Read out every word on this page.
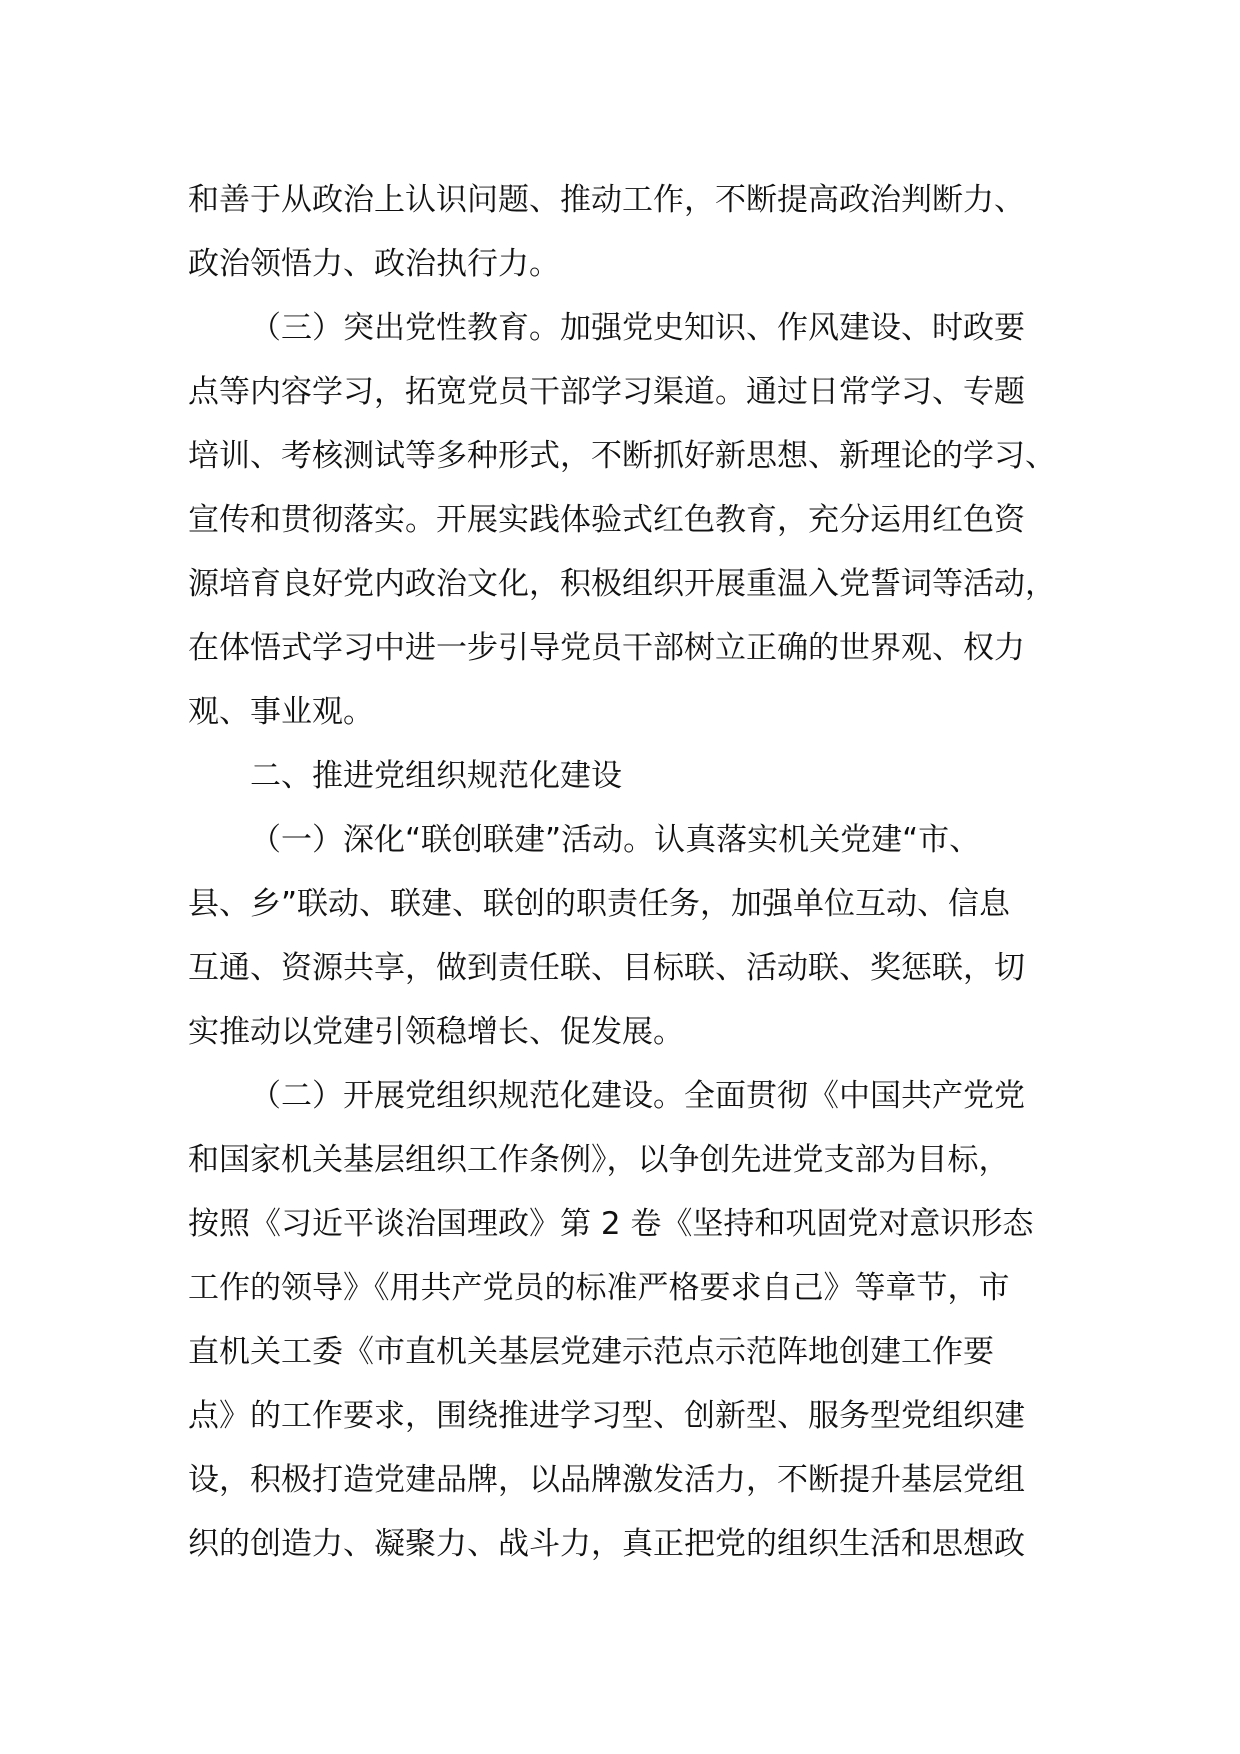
和善于从政治上认识问题、推动工作，不断提高政治判断力、
政治领悟力、政治执行力。
（三）突出党性教育。加强党史知识、作风建设、时政要
点等内容学习，拓宽党员干部学习渠道。通过日常学习、专题
培训、考核测试等多种形式，不断抓好新思想、新理论的学习、
宣传和贯彻落实。开展实践体验式红色教育，充分运用红色资
源培育良好党内政治文化，积极组织开展重温入党誓词等活动，
在体悟式学习中进一步引导党员干部树立正确的世界观、权力
观、事业观。
二、推进党组织规范化建设
（一）深化“联创联建”活动。认真落实机关党建“市、
县、乡”联动、联建、联创的职责任务，加强单位互动、信息
互通、资源共享，做到责任联、目标联、活动联、奖惩联，切
实推动以党建引领稳增长、促发展。
（二）开展党组织规范化建设。全面贯彻《中国共产党党
和国家机关基层组织工作条例》，以争创先进党支部为目标，
按照《习近平谈治国理政》第 2 卷《坚持和巩固党对意识形态
工作的领导》《用共产党员的标准严格要求自己》等章节，市
直机关工委《市直机关基层党建示范点示范阵地创建工作要
点》的工作要求，围绕推进学习型、创新型、服务型党组织建
设，积极打造党建品牌，以品牌激发活力，不断提升基层党组
织的创造力、凝聚力、战斗力，真正把党的组织生活和思想政
